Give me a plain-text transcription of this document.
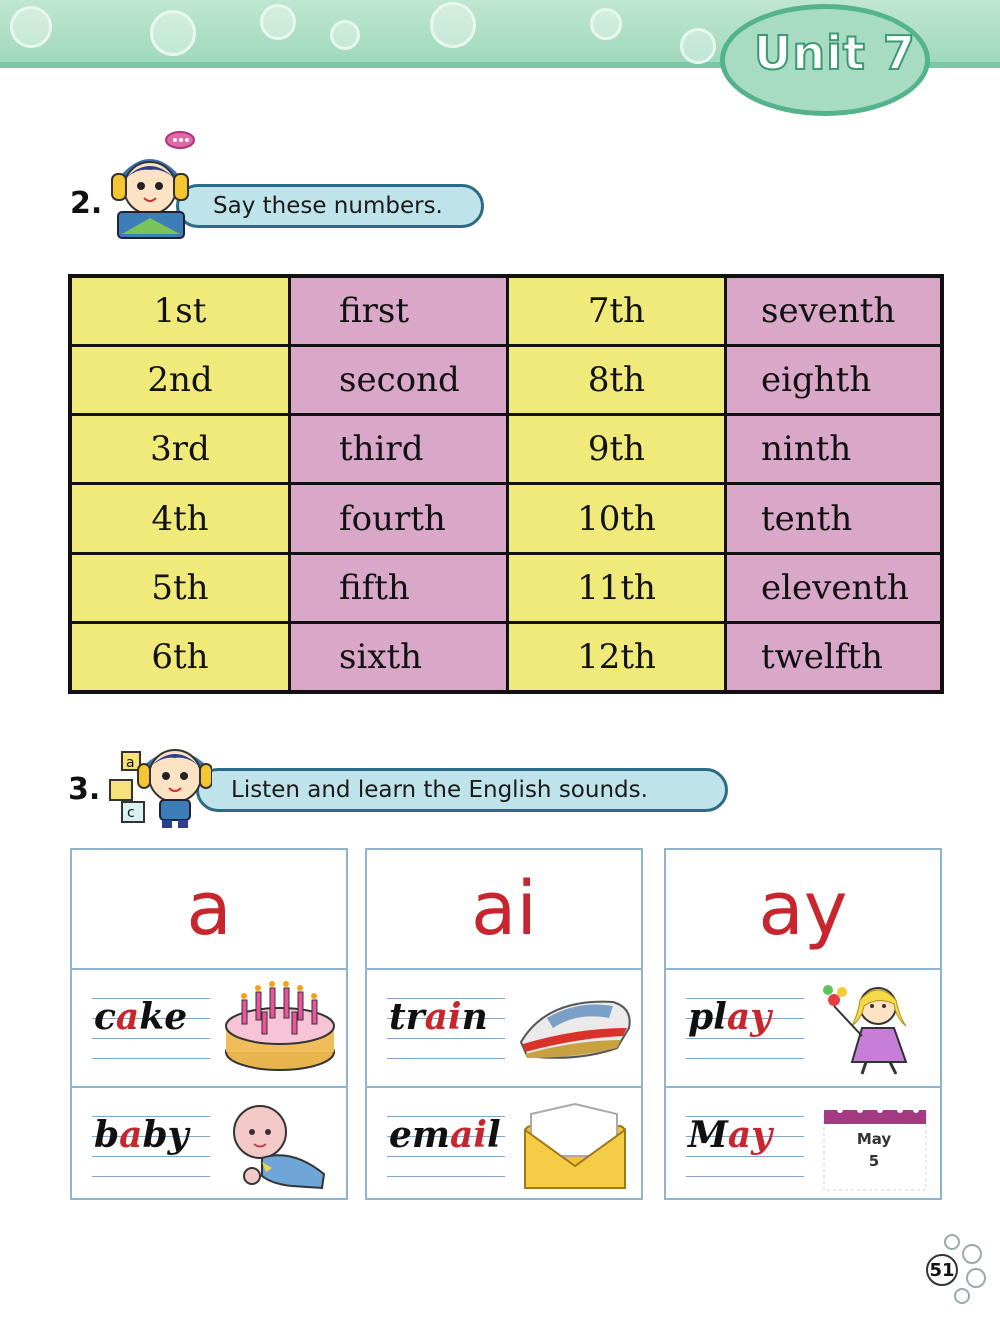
Unit 7
2.	Say these numbers.
1st	first	7th	seventh
2nd	second	8th	eighth
3rd	third	9th	ninth
4th	fourth	10th	tenth
5th	fifth	11th	eleventh
6th	sixth	12th	twelfth
3.	Listen and learn the English sounds.
a
c
a
cake
baby
ai
train
email
ay
play
May	May
5
51
